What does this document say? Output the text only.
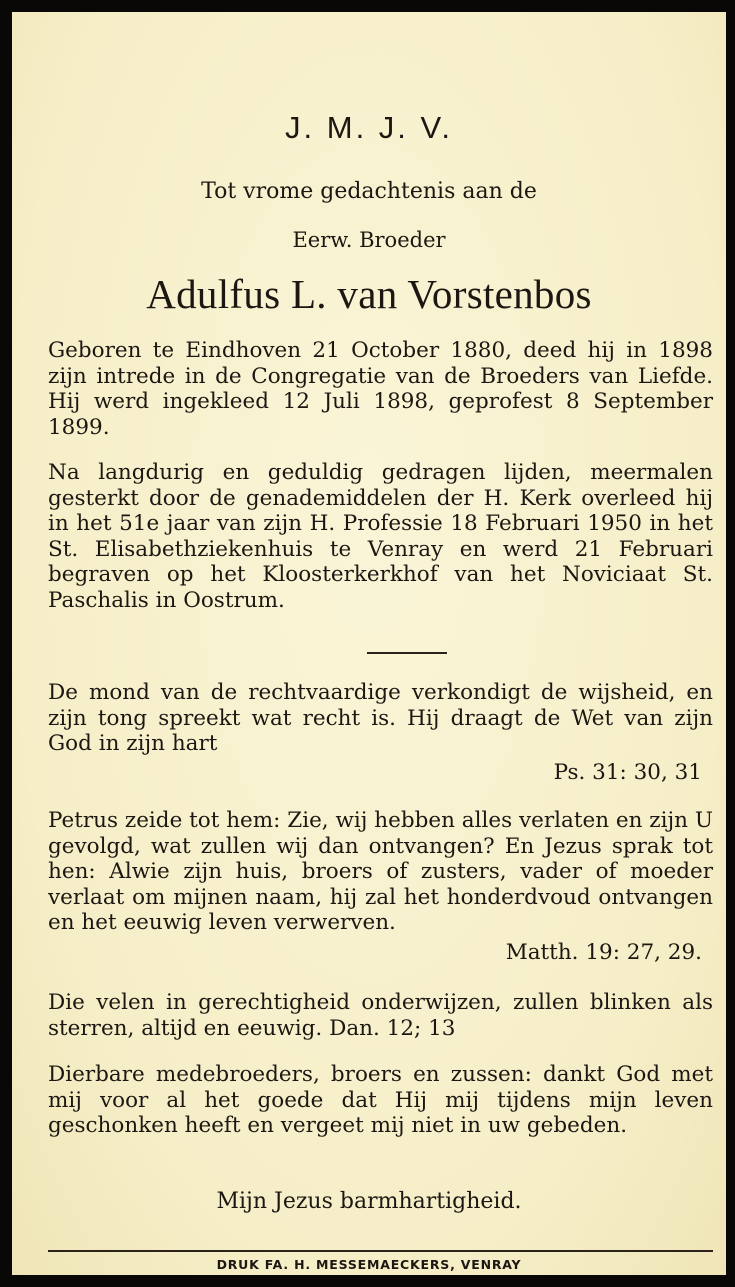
J. M. J. V.
Tot vrome gedachtenis aan de
Eerw. Broeder
Adulfus L. van Vorstenbos

Geboren te Eindhoven 21 October 1880, deed hij in 1898 zijn intrede in de Congregatie van de Broeders van Liefde. Hij werd ingekleed 12 Juli 1898, geprofest 8 September 1899.

Na langdurig en geduldig gedragen lijden, meermalen gesterkt door de genademiddelen der H. Kerk overleed hij in het 51e jaar van zijn H. Professie 18 Februari 1950 in het St. Elisabethziekenhuis te Venray en werd 21 Februari begraven op het Kloosterkerkhof van het Noviciaat St. Paschalis in Oostrum.

De mond van de rechtvaardige verkondigt de wijsheid, en zijn tong spreekt wat recht is. Hij draagt de Wet van zijn God in zijn hart

Ps. 31: 30, 31

Petrus zeide tot hem: Zie, wij hebben alles verlaten en zijn U gevolgd, wat zullen wij dan ontvangen? En Jezus sprak tot hen: Alwie zijn huis, broers of zusters, vader of moeder verlaat om mijnen naam, hij zal het honderdvoud ontvangen en het eeuwig leven verwerven.

Matth. 19: 27, 29.

Die velen in gerechtigheid onderwijzen, zullen blinken als sterren, altijd en eeuwig. Dan. 12; 13

Dierbare medebroeders, broers en zussen: dankt God met mij voor al het goede dat Hij mij tijdens mijn leven geschonken heeft en vergeet mij niet in uw gebeden.

Mijn Jezus barmhartigheid.
DRUK FA. H. MESSEMAECKERS, VENRAY
